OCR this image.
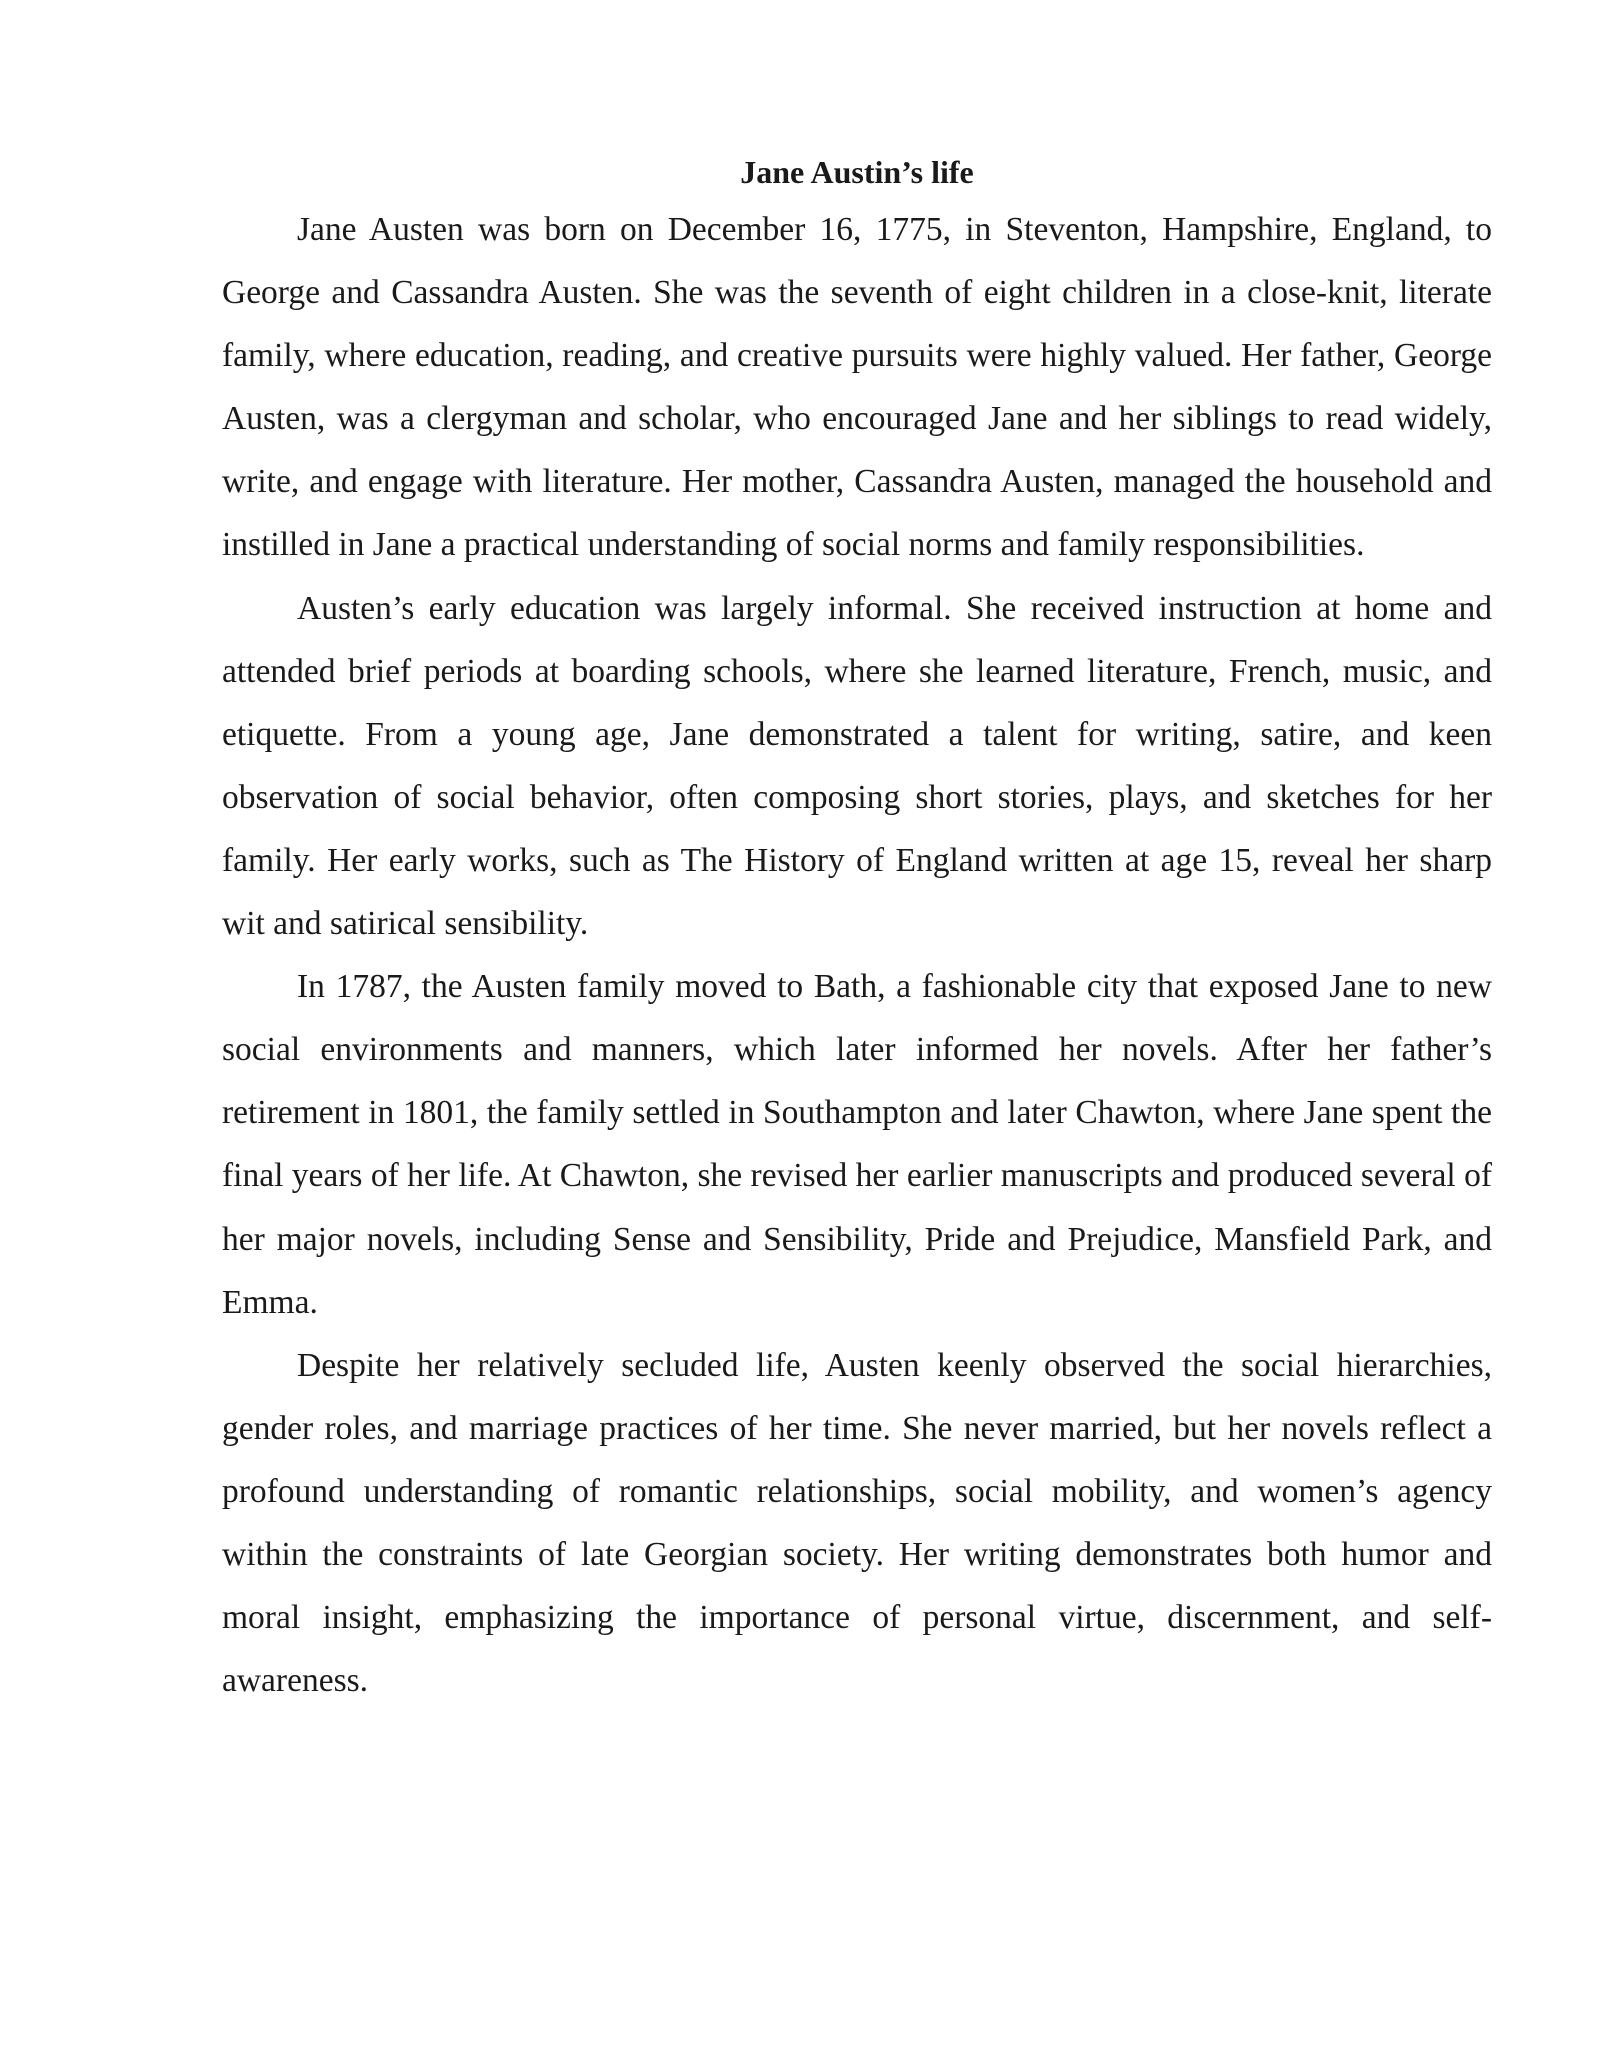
Jane Austin’s life

Jane Austen was born on December 16, 1775, in Steventon, Hampshire, England, to George and Cassandra Austen. She was the seventh of eight children in a close-knit, literate family, where education, reading, and creative pursuits were highly valued. Her father, George Austen, was a clergyman and scholar, who encouraged Jane and her siblings to read widely, write, and engage with literature. Her mother, Cassandra Austen, managed the household and instilled in Jane a practical understanding of social norms and family responsibilities.

Austen’s early education was largely informal. She received instruction at home and attended brief periods at boarding schools, where she learned literature, French, music, and etiquette. From a young age, Jane demonstrated a talent for writing, satire, and keen observation of social behavior, often composing short stories, plays, and sketches for her family. Her early works, such as The History of England written at age 15, reveal her sharp wit and satirical sensibility.

In 1787, the Austen family moved to Bath, a fashionable city that exposed Jane to new social environments and manners, which later informed her novels. After her father’s retirement in 1801, the family settled in Southampton and later Chawton, where Jane spent the final years of her life. At Chawton, she revised her earlier manuscripts and produced several of her major novels, including Sense and Sensibility, Pride and Prejudice, Mansfield Park, and Emma.

Despite her relatively secluded life, Austen keenly observed the social hierarchies, gender roles, and marriage practices of her time. She never married, but her novels reflect a profound understanding of romantic relationships, social mobility, and women’s agency within the constraints of late Georgian society. Her writing demonstrates both humor and moral insight, emphasizing the importance of personal virtue, discernment, and self-awareness.
